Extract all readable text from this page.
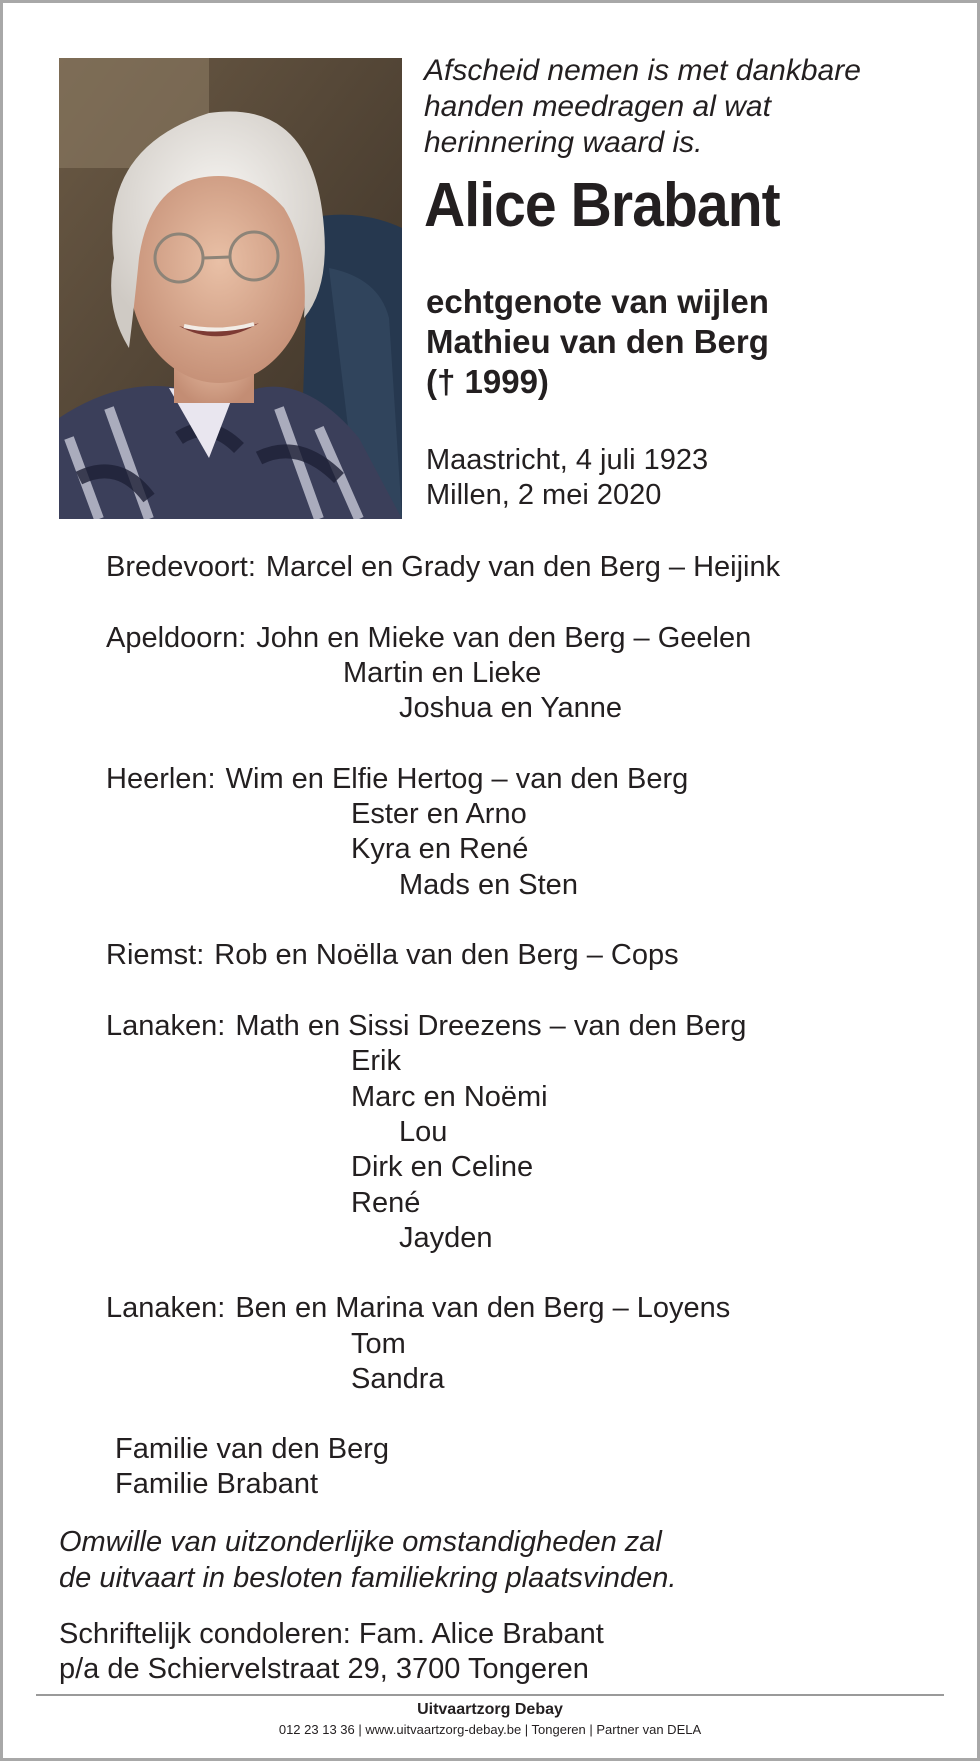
Afscheid nemen is met dankbare
handen meedragen al wat
herinnering waard is.
Alice Brabant
echtgenote van wijlen
Mathieu van den Berg
(† 1999)
Maastricht, 4 juli 1923
Millen, 2 mei 2020
Bredevoort: Marcel en Grady van den Berg – Heijink
Apeldoorn: John en Mieke van den Berg – Geelen
Martin en Lieke
Joshua en Yanne
Heerlen: Wim en Elfie Hertog – van den Berg
Ester en Arno
Kyra en René
Mads en Sten
Riemst: Rob en Noëlla van den Berg – Cops
Lanaken: Math en Sissi Dreezens – van den Berg
Erik
Marc en Noëmi
Lou
Dirk en Celine
René
Jayden
Lanaken: Ben en Marina van den Berg – Loyens
Tom
Sandra
Familie van den Berg
Familie Brabant
Omwille van uitzonderlijke omstandigheden zal
de uitvaart in besloten familiekring plaatsvinden.
Schriftelijk condoleren: Fam. Alice Brabant
p/a de Schiervelstraat 29, 3700 Tongeren
Uitvaartzorg Debay
012 23 13 36 | www.uitvaartzorg-debay.be | Tongeren | Partner van DELA
